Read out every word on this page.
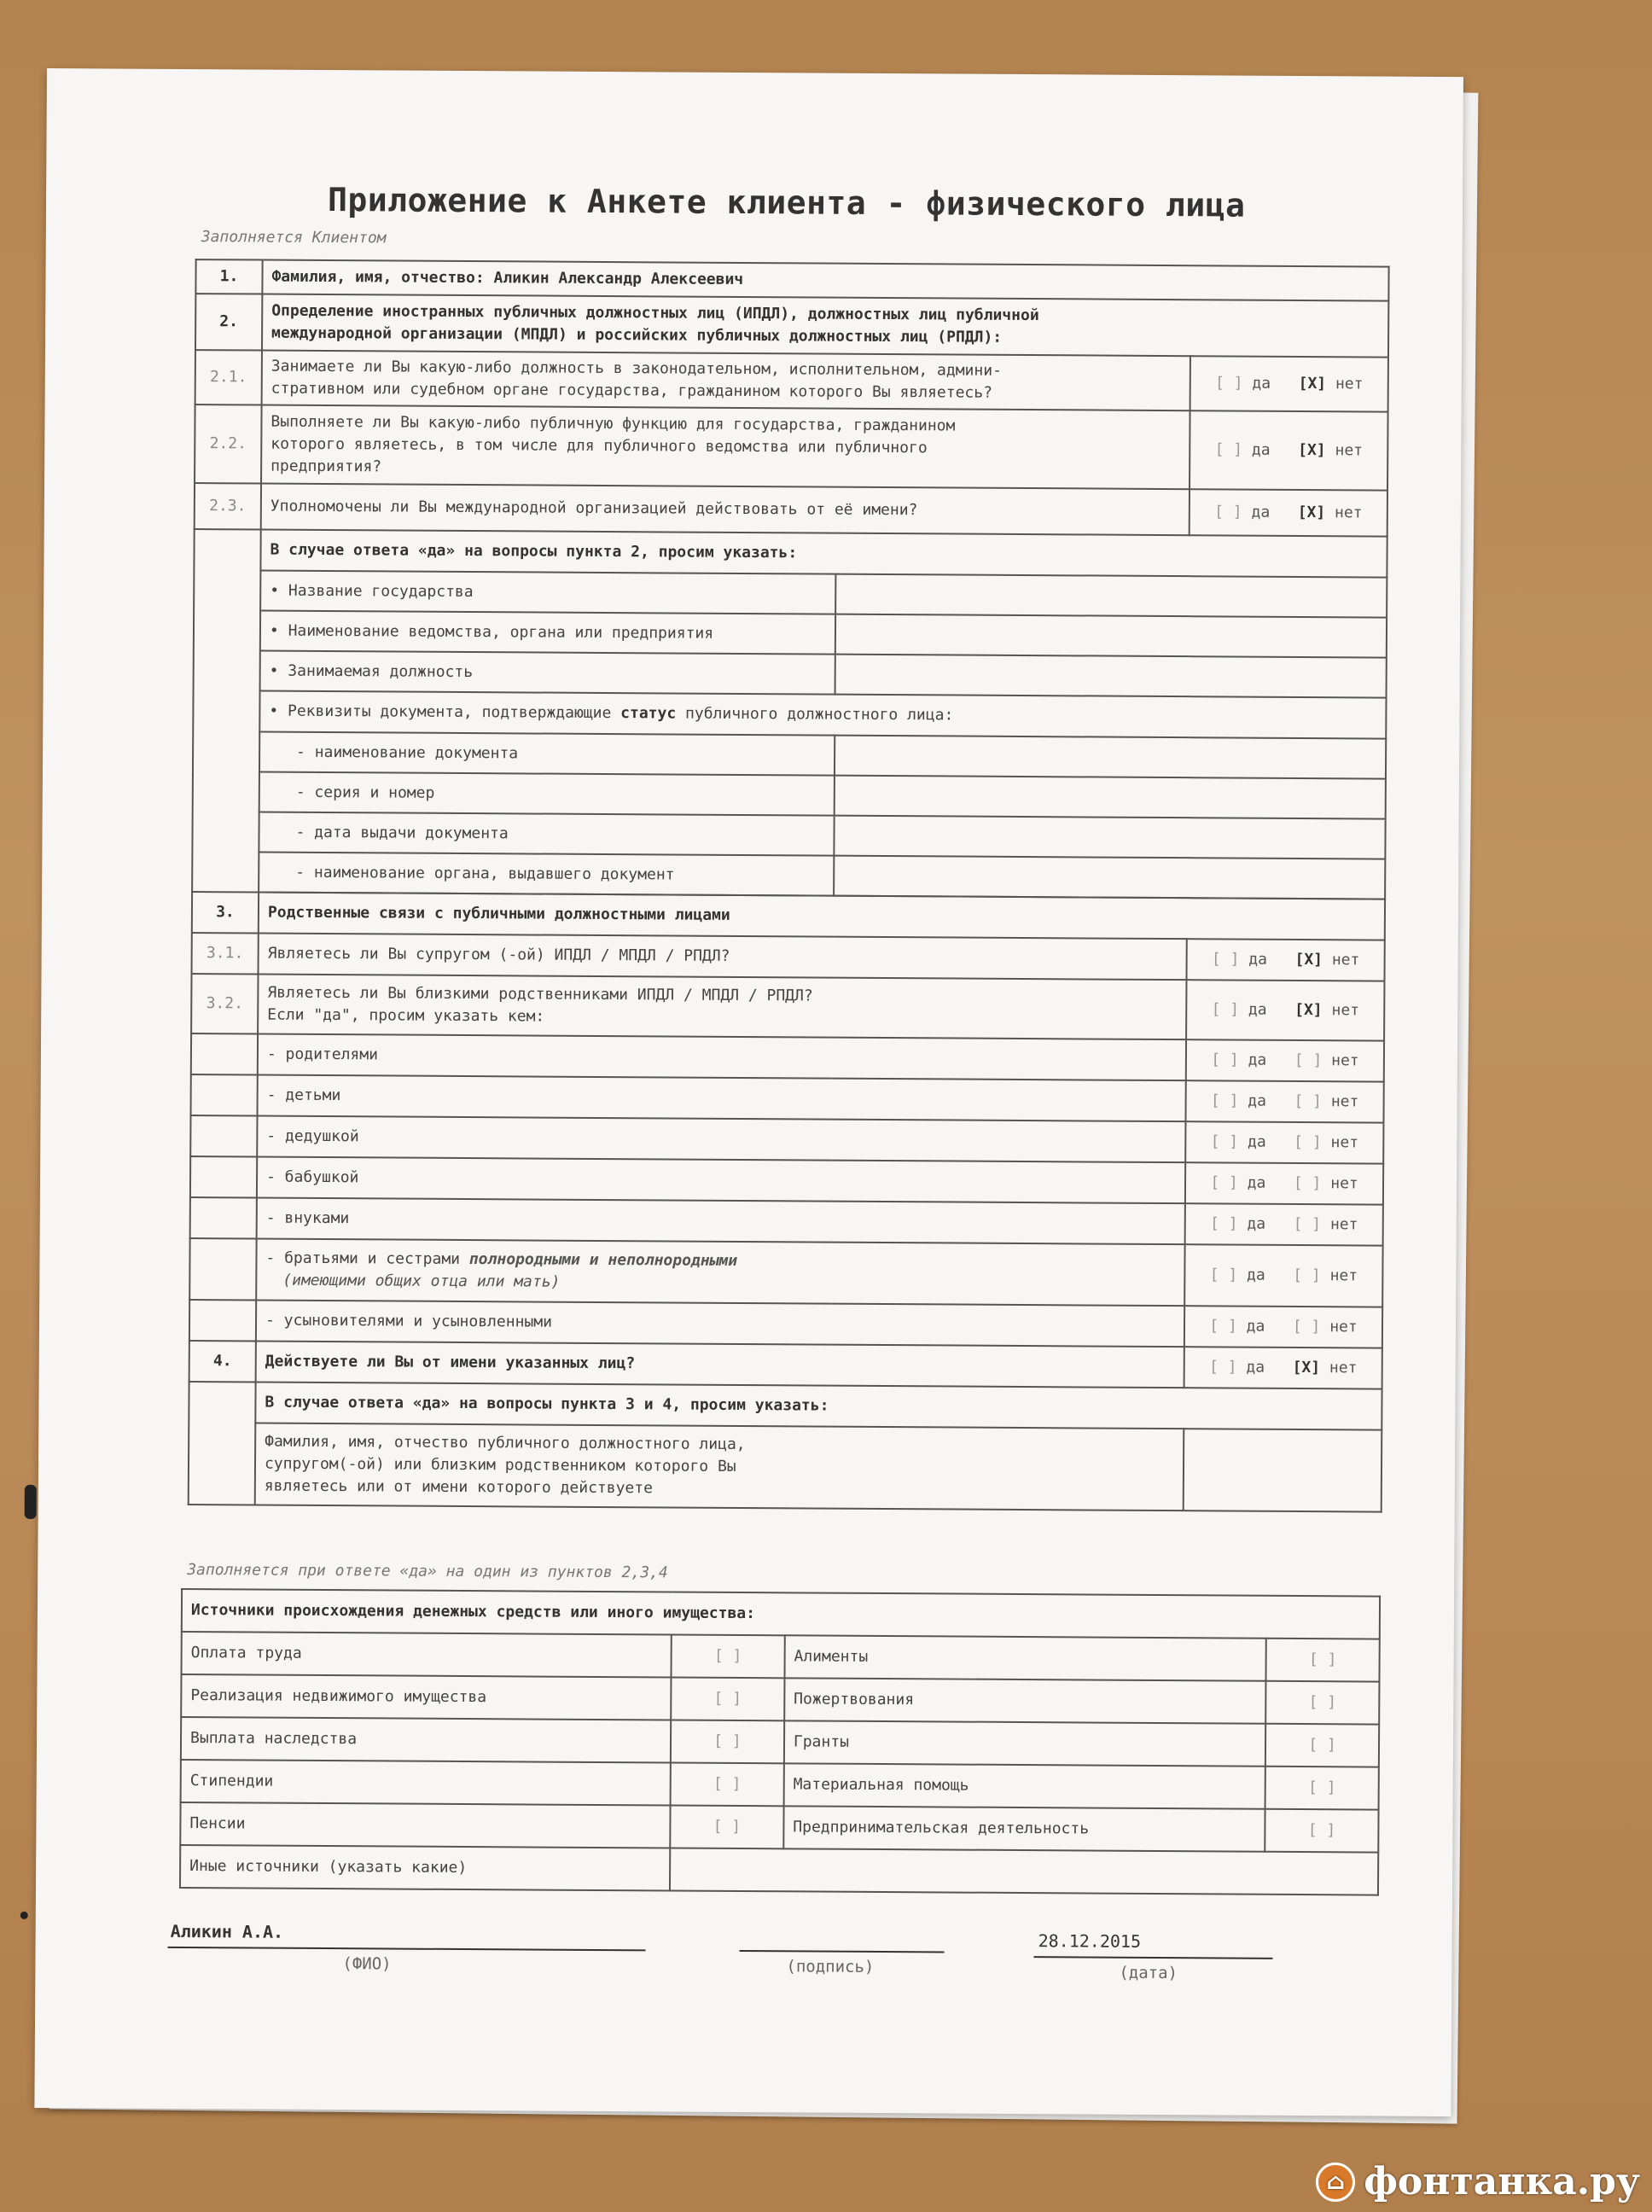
Приложение к Анкете клиента - физического лица
Заполняется Клиентом
1.	Фамилия, имя, отчество: Аликин Александр Алексеевич		
2.	Определение иностранных публичных должностных лиц (ИПДЛ), должностных лиц публичной
международной организации (МПДЛ) и российских публичных должностных лиц (РПДЛ):		

2.1.	Занимаете ли Вы какую-либо должность в законодательном, исполнительном, админи-
стративном или судебном органе государства, гражданином которого Вы являетесь?		[ ] да [X] нет
2.2.	Выполняете ли Вы какую-либо публичную функцию для государства, гражданином
которого являетесь, в том числе для публичного ведомства или публичного
предприятия?		[ ] да [X] нет
2.3.	Уполномочены ли Вы международной организацией действовать от её имени?		[ ] да [X] нет
	В случае ответа «да» на вопросы пункта 2, просим указать:		
	• Название государства		
	• Наименование ведомства, органа или предприятия		
	• Занимаемая должность		
	• Реквизиты документа, подтверждающие статус публичного должностного лица:		
	- наименование документа		
	- серия и номер		
	- дата выдачи документа		
	- наименование органа, выдавшего документ		

3.	Родственные связи с публичными должностными лицами		
3.1.	Являетесь ли Вы супругом (-ой) ИПДЛ / МПДЛ / РПДЛ?		[ ] да [X] нет
3.2.	Являетесь ли Вы близкими родственниками ИПДЛ / МПДЛ / РПДЛ?
Если "да", просим указать кем:		[ ] да [X] нет
	- родителями		[ ] да [ ] нет
	- детьми		[ ] да [ ] нет
	- дедушкой		[ ] да [ ] нет
	- бабушкой		[ ] да [ ] нет
	- внуками		[ ] да [ ] нет

	- братьями и сестрами полнородными и неполнородными
(имеющими общих отца или мать)		[ ] да [ ] нет
	- усыновителями и усыновленными		[ ] да [ ] нет
4.	Действуете ли Вы от имени указанных лиц?		[ ] да [X] нет
	В случае ответа «да» на вопросы пункта 3 и 4, просим указать:		

	Фамилия, имя, отчество публичного должностного лица,
супругом(-ой) или близким родственником которого Вы
являетесь или от имени которого действуете		

Заполняется при ответе «да» на один из пунктов 2,3,4
Источники происхождения денежных средств или иного имущества:			
Оплата труда	[ ]	Алименты	[ ]
Реализация недвижимого имущества	[ ]	Пожертвования	[ ]
Выплата наследства	[ ]	Гранты	[ ]
Стипендии	[ ]	Материальная помощь	[ ]
Пенсии	[ ]	Предпринимательская деятельность	[ ]
Иные источники (указать какие)			
Аликин А.А.
(ФИО)	(подпись)
28.12.2015
(дата)
⌂ фонтанка.ру
